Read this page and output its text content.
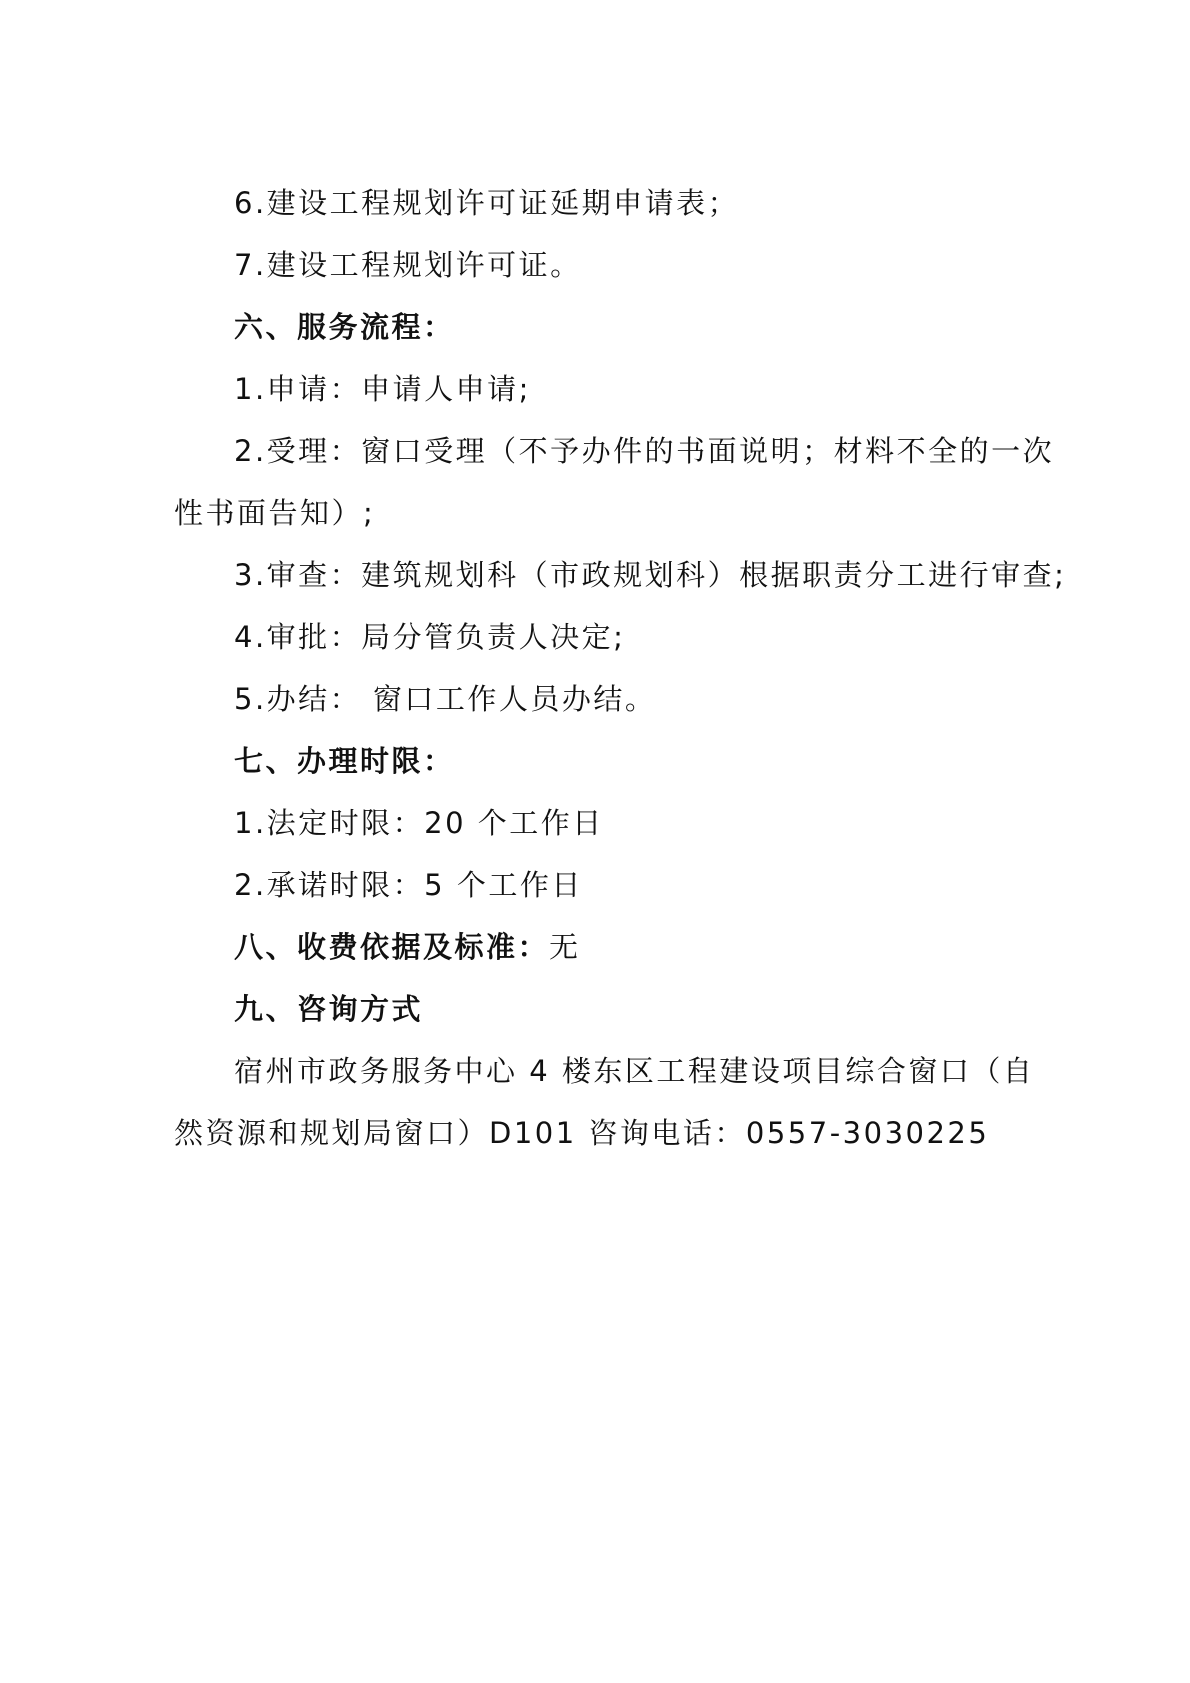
6.建设工程规划许可证延期申请表；
7.建设工程规划许可证。
六、服务流程：
1.申请：申请人申请;
2.受理：窗口受理（不予办件的书面说明；材料不全的一次
性书面告知）;
3.审查：建筑规划科（市政规划科）根据职责分工进行审查;
4.审批：局分管负责人决定;
5.办结： 窗口工作人员办结。
七、办理时限：
1.法定时限：20 个工作日
2.承诺时限：5 个工作日
八、收费依据及标准：无
九、咨询方式
宿州市政务服务中心 4 楼东区工程建设项目综合窗口（自
然资源和规划局窗口）D101 咨询电话：0557-3030225
